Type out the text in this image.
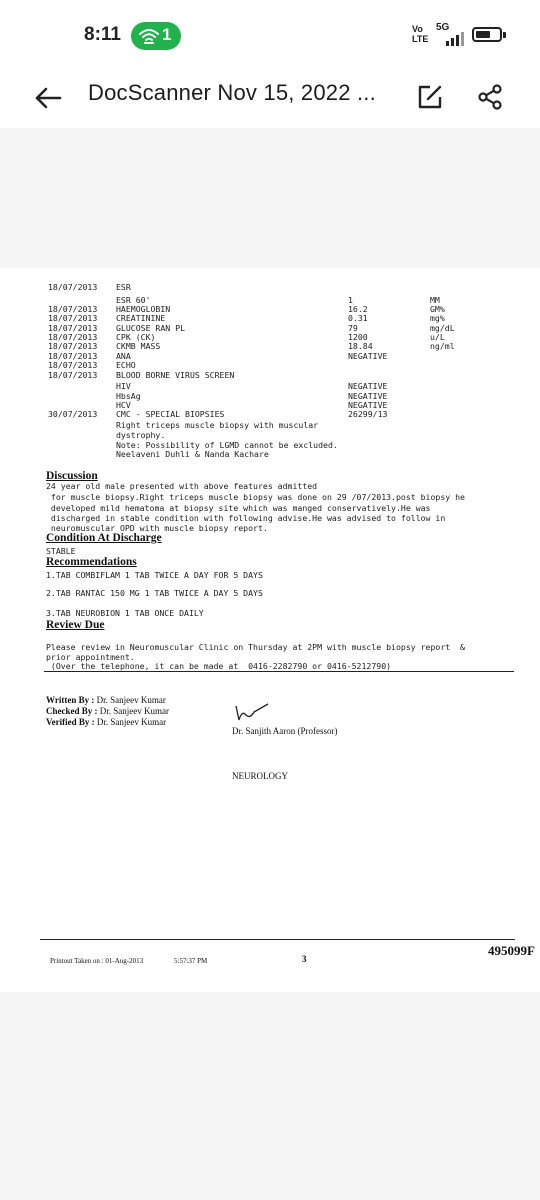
8:11 1	Vo
LTE
5G
DocScanner Nov 15, 2022 ...
18/07/2013 ESR
ESR 60'	1	MM
18/07/2013 HAEMOGLOBIN	16.2	GM%
18/07/2013 CREATININE	0.31	mg%
18/07/2013 GLUCOSE RAN PL	79	mg/dL
18/07/2013 CPK (CK)	1200	u/L
18/07/2013 CKMB MASS	18.84	ng/ml
18/07/2013 ANA	NEGATIVE
18/07/2013 ECHO
18/07/2013 BLOOD BORNE VIRUS SCREEN
HIV	NEGATIVE
HbsAg	NEGATIVE
HCV	NEGATIVE
30/07/2013 CMC - SPECIAL BIOPSIES	26299/13
Right triceps muscle biopsy with muscular
dystrophy.
Note: Possibility of LGMD cannot be excluded.
Neelaveni Duhli & Nanda Kachare
Discussion
24 year old male presented with above features admitted
for muscle biopsy.Right triceps muscle biopsy was done on 29 /07/2013.post biopsy he
developed mild hematoma at biopsy site which was manged conservatively.He was
discharged in stable condition with following advise.He was advised to follow in
neuromuscular OPD with muscle biopsy report.
Condition At Discharge
STABLE
Recommendations
1.TAB COMBIFLAM 1 TAB TWICE A DAY FOR 5 DAYS
2.TAB RANTAC 150 MG 1 TAB TWICE A DAY 5 DAYS
3.TAB NEUROBION 1 TAB ONCE DAILY
Review Due
Please review in Neuromuscular Clinic on Thursday at 2PM with muscle biopsy report  &
prior appointment.
(Over the telephone, it can be made at  0416-2282790 or 0416-5212790)
Written By : Dr. Sanjeev Kumar
Checked By : Dr. Sanjeev Kumar
Verified By : Dr. Sanjeev Kumar
Dr. Sanjith Aaron (Professor)
NEUROLOGY
Printout Taken on : 01-Aug-2013	5:57:37 PM	3
495099F
